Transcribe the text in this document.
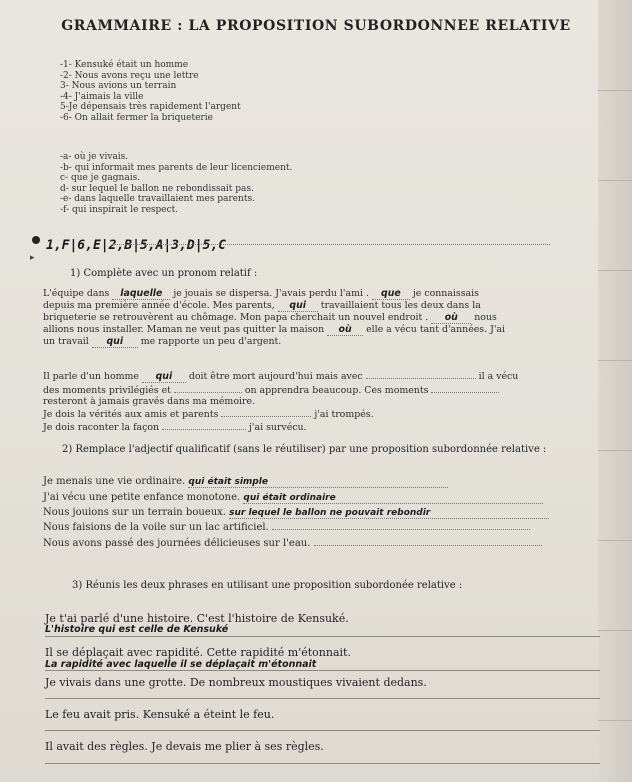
GRAMMAIRE : LA PROPOSITION SUBORDONNEE RELATIVE
-1- Kensuké était un homme
-2- Nous avons reçu une lettre
3- Nous avions un terrain
-4- J'aimais la ville
5-Je dépensais très rapidement l'argent
-6- On allait fermer la briqueterie
-a- où je vivais.
-b- qui informait mes parents de leur licenciement.
c- que je gagnais.
d- sur lequel le ballon ne rebondissait pas.
-e- dans laquelle travaillaient mes parents.
-f- qui inspirait le respect.
▸
1,F|6,E|2,B|5,A|3,D|5,C
1) Complète avec un pronom relatif :
L'équipe dans laquelle je jouais se dispersa. J'avais perdu l'ami . que je connaissais
depuis ma première année d'école. Mes parents, qui travaillaient tous les deux dans la
briqueterie se retrouvèrent au chômage. Mon papa cherchait un nouvel endroit . où nous
allions nous installer. Maman ne veut pas quitter la maison où elle a vécu tant d'années. J'ai
un travail qui me rapporte un peu d'argent.
Il parle d'un homme qui doit être mort aujourd'hui mais avec	il a vécu
des moments privilégiés et	on apprendra beaucoup. Ces moments
resteront à jamais gravés dans ma mémoire.
Je dois la vérités aux amis et parents	j'ai trompés.
Je dois raconter la façon	j'ai survécu.
2) Remplace l'adjectif qualificatif (sans le réutiliser) par une proposition subordonnée relative :
Je menais une vie ordinaire. qui était simple
J'ai vécu une petite enfance monotone. qui était ordinaire
Nous jouions sur un terrain boueux. sur lequel le ballon ne pouvait rebondir
Nous faisions de la voile sur un lac artificiel.
Nous avons passé des journées délicieuses sur l'eau.
3) Réunis les deux phrases en utilisant une proposition subordonée relative :
Je t'ai parlé d'une histoire. C'est l'histoire de Kensuké.
L'histoire qui est celle de Kensuké
Il se déplaçait avec rapidité. Cette rapidité m'étonnait.
La rapidité avec laquelle il se déplaçait m'étonnait
Je vivais dans une grotte. De nombreux moustiques vivaient dedans.
Le feu avait pris. Kensuké a éteint le feu.
Il avait des règles. Je devais me plier à ses règles.
